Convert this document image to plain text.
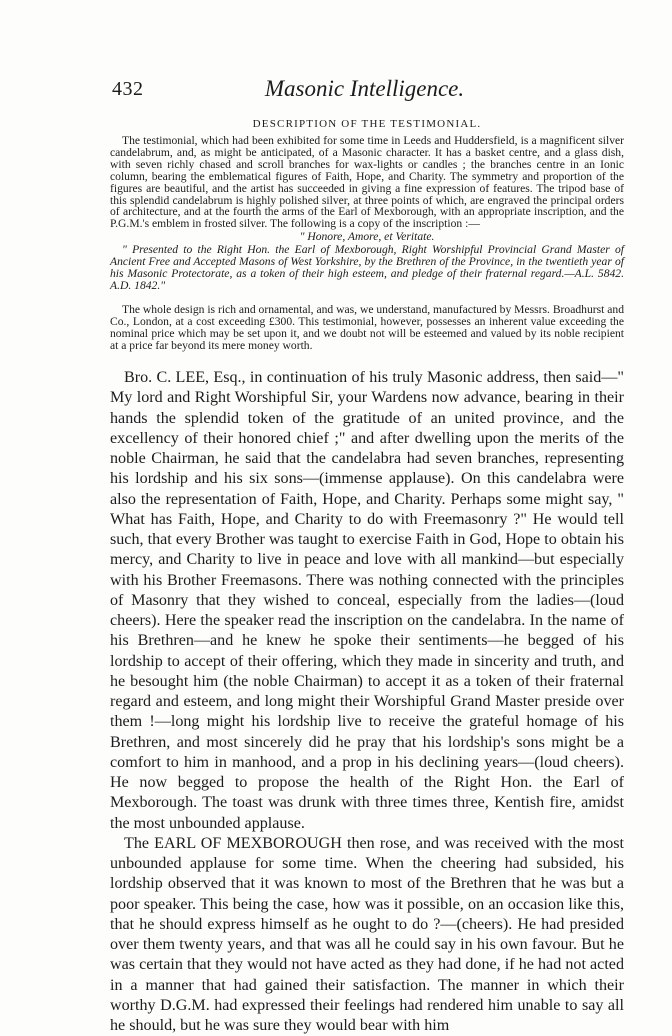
432	Masonic Intelligence.
DESCRIPTION OF THE TESTIMONIAL.

The testimonial, which had been exhibited for some time in Leeds and Huddersfield, is a magnificent silver candelabrum, and, as might be anticipated, of a Masonic character. It has a basket centre, and a glass dish, with seven richly chased and scroll branches for wax-lights or candles ; the branches centre in an Ionic column, bearing the emblematical figures of Faith, Hope, and Charity. The symmetry and proportion of the figures are beautiful, and the artist has succeeded in giving a fine expression of features. The tripod base of this splendid candelabrum is highly polished silver, at three points of which, are engraved the principal orders of architecture, and at the fourth the arms of the Earl of Mexborough, with an appropriate inscription, and the P.G.M.'s emblem in frosted silver. The following is a copy of the inscription :—

" Honore, Amore, et Veritate.

" Presented to the Right Hon. the Earl of Mexborough, Right Worshipful Provincial Grand Master of Ancient Free and Accepted Masons of West Yorkshire, by the Brethren of the Province, in the twentieth year of his Masonic Protectorate, as a token of their high esteem, and pledge of their fraternal regard.—A.L. 5842. A.D. 1842."

The whole design is rich and ornamental, and was, we understand, manufactured by Messrs. Broadhurst and Co., London, at a cost exceeding £300. This testimonial, however, possesses an inherent value exceeding the nominal price which may be set upon it, and we doubt not will be esteemed and valued by its noble recipient at a price far beyond its mere money worth.

Bro. C. LEE, Esq., in continuation of his truly Masonic address, then said—" My lord and Right Worshipful Sir, your Wardens now advance, bearing in their hands the splendid token of the gratitude of an united province, and the excellency of their honored chief ;" and after dwelling upon the merits of the noble Chairman, he said that the candelabra had seven branches, representing his lordship and his six sons—(immense applause). On this candelabra were also the representation of Faith, Hope, and Charity. Perhaps some might say, " What has Faith, Hope, and Charity to do with Freemasonry ?" He would tell such, that every Brother was taught to exercise Faith in God, Hope to obtain his mercy, and Charity to live in peace and love with all mankind—but especially with his Brother Freemasons. There was nothing connected with the principles of Masonry that they wished to conceal, especially from the ladies—(loud cheers). Here the speaker read the inscription on the candelabra. In the name of his Brethren—and he knew he spoke their sentiments—he begged of his lordship to accept of their offering, which they made in sincerity and truth, and he besought him (the noble Chairman) to accept it as a token of their fraternal regard and esteem, and long might their Worshipful Grand Master preside over them !—long might his lordship live to receive the grateful homage of his Brethren, and most sincerely did he pray that his lordship's sons might be a comfort to him in manhood, and a prop in his declining years—(loud cheers). He now begged to propose the health of the Right Hon. the Earl of Mexborough. The toast was drunk with three times three, Kentish fire, amidst the most unbounded applause.

The EARL OF MEXBOROUGH then rose, and was received with the most unbounded applause for some time. When the cheering had subsided, his lordship observed that it was known to most of the Brethren that he was but a poor speaker. This being the case, how was it possible, on an occasion like this, that he should express himself as he ought to do ?—(cheers). He had presided over them twenty years, and that was all he could say in his own favour. But he was certain that they would not have acted as they had done, if he had not acted in a manner that had gained their satisfaction. The manner in which their worthy D.G.M. had expressed their feelings had rendered him unable to say all he should, but he was sure they would bear with him
